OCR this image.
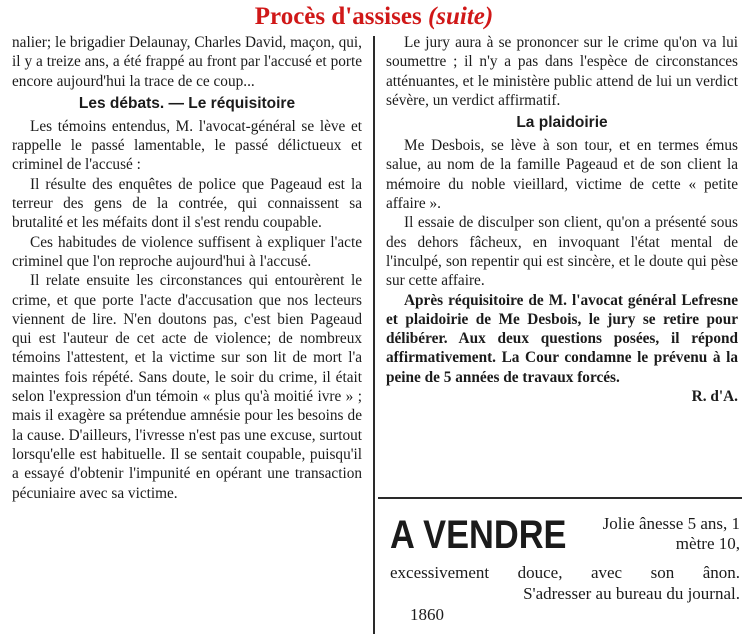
Procès d'assises (suite)

nalier; le brigadier Delaunay, Charles David, maçon, qui, il y a treize ans, a été frappé au front par l'accusé et porte encore aujourd'hui la trace de ce coup...

Les débats. — Le réquisitoire

Les témoins entendus, M. l'avocat-général se lève et rappelle le passé lamentable, le passé délictueux et criminel de l'accusé :

Il résulte des enquêtes de police que Pageaud est la terreur des gens de la contrée, qui connaissent sa brutalité et les méfaits dont il s'est rendu coupable.

Ces habitudes de violence suffisent à expliquer l'acte criminel que l'on reproche aujourd'hui à l'accusé.

Il relate ensuite les circonstances qui entourèrent le crime, et que porte l'acte d'accusation que nos lecteurs viennent de lire. N'en doutons pas, c'est bien Pageaud qui est l'auteur de cet acte de violence; de nombreux témoins l'attestent, et la victime sur son lit de mort l'a maintes fois répété. Sans doute, le soir du crime, il était selon l'expression d'un témoin « plus qu'à moitié ivre » ; mais il exagère sa prétendue amnésie pour les besoins de la cause. D'ailleurs, l'ivresse n'est pas une excuse, surtout lorsqu'elle est habituelle. Il se sentait coupable, puisqu'il a essayé d'obtenir l'impunité en opérant une transaction pécuniaire avec sa victime.

Le jury aura à se prononcer sur le crime qu'on va lui soumettre ; il n'y a pas dans l'espèce de circonstances atténuantes, et le ministère public attend de lui un verdict sévère, un verdict affirmatif.

La plaidoirie

Me Desbois, se lève à son tour, et en termes émus salue, au nom de la famille Pageaud et de son client la mémoire du noble vieillard, victime de cette « petite affaire ».

Il essaie de disculper son client, qu'on a présenté sous des dehors fâcheux, en invoquant l'état mental de l'inculpé, son repentir qui est sincère, et le doute qui pèse sur cette affaire.

Après réquisitoire de M. l'avocat général Lefresne et plaidoirie de Me Desbois, le jury se retire pour délibérer. Aux deux questions posées, il répond affirmativement. La Cour condamne le prévenu à la peine de 5 années de travaux forcés.

R. d'A.

A VENDRE	Jolie ânesse 5 ans, 1 mètre 10,
excessivement douce, avec son ânon.
S'adresser au bureau du journal.
1860
